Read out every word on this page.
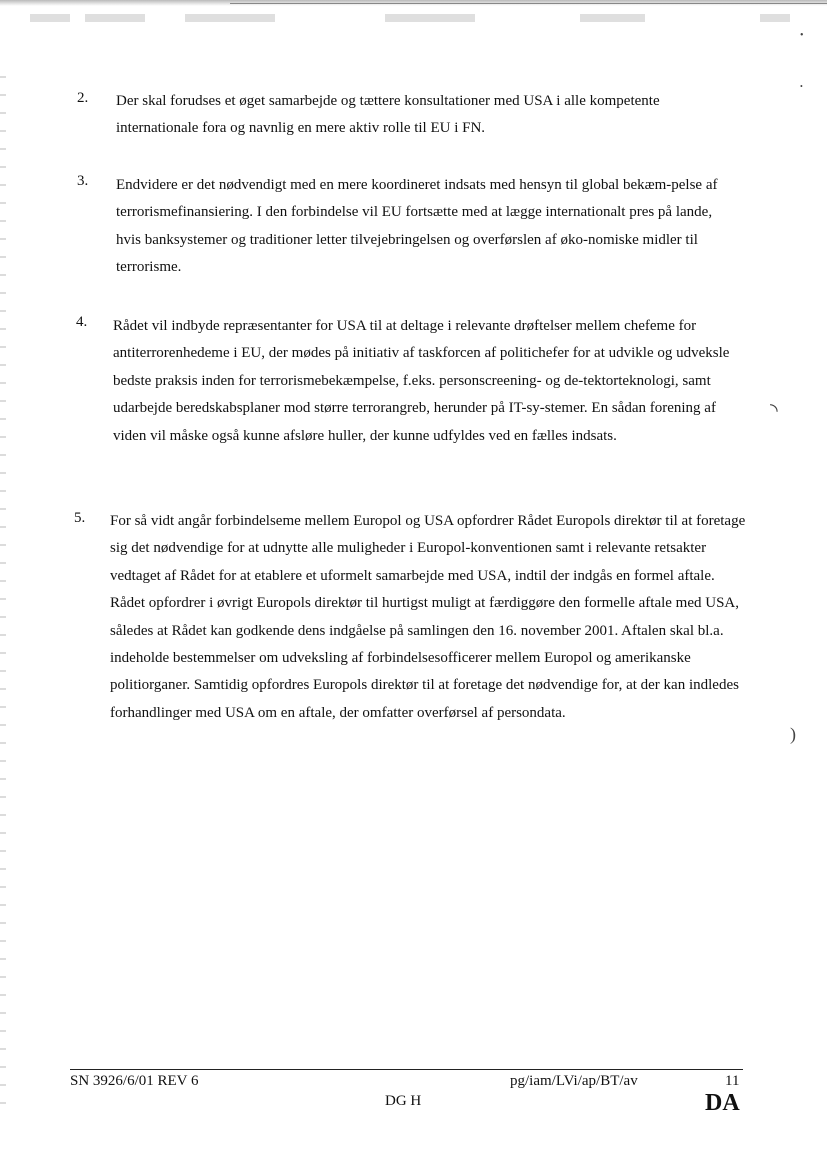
2. Der skal forudses et øget samarbejde og tættere konsultationer med USA i alle kompetente internationale fora og navnlig en mere aktiv rolle til EU i FN.

3. Endvidere er det nødvendigt med en mere koordineret indsats med hensyn til global bekæm-pelse af terrorismefinansiering. I den forbindelse vil EU fortsætte med at lægge internationalt pres på lande, hvis banksystemer og traditioner letter tilvejebringelsen og overførslen af øko-nomiske midler til terrorisme.

4. Rådet vil indbyde repræsentanter for USA til at deltage i relevante drøftelser mellem chefeme for antiterrorenhedeme i EU, der mødes på initiativ af taskforcen af politichefer for at udvikle og udveksle bedste praksis inden for terrorismebekæmpelse, f.eks. personscreening- og de-tektorteknologi, samt udarbejde beredskabsplaner mod større terrorangreb, herunder på IT-sy-stemer. En sådan forening af viden vil måske også kunne afsløre huller, der kunne udfyldes ved en fælles indsats.

5. For så vidt angår forbindelseme mellem Europol og USA opfordrer Rådet Europols direktør til at foretage sig det nødvendige for at udnytte alle muligheder i Europol-konventionen samt i relevante retsakter vedtaget af Rådet for at etablere et uformelt samarbejde med USA, indtil der indgås en formel aftale. Rådet opfordrer i øvrigt Europols direktør til hurtigst muligt at færdiggøre den formelle aftale med USA, således at Rådet kan godkende dens indgåelse på samlingen den 16. november 2001. Aftalen skal bl.a. indeholde bestemmelser om udveksling af forbindelsesofficerer mellem Europol og amerikanske politiorganer. Samtidig opfordres Europols direktør til at foretage det nødvendige for, at der kan indledes forhandlinger med USA om en aftale, der omfatter overførsel af persondata.

◝
)
•
•
SN 3926/6/01 REV 6
DG H
pg/iam/LVi/ap/BT/av	11
DA
